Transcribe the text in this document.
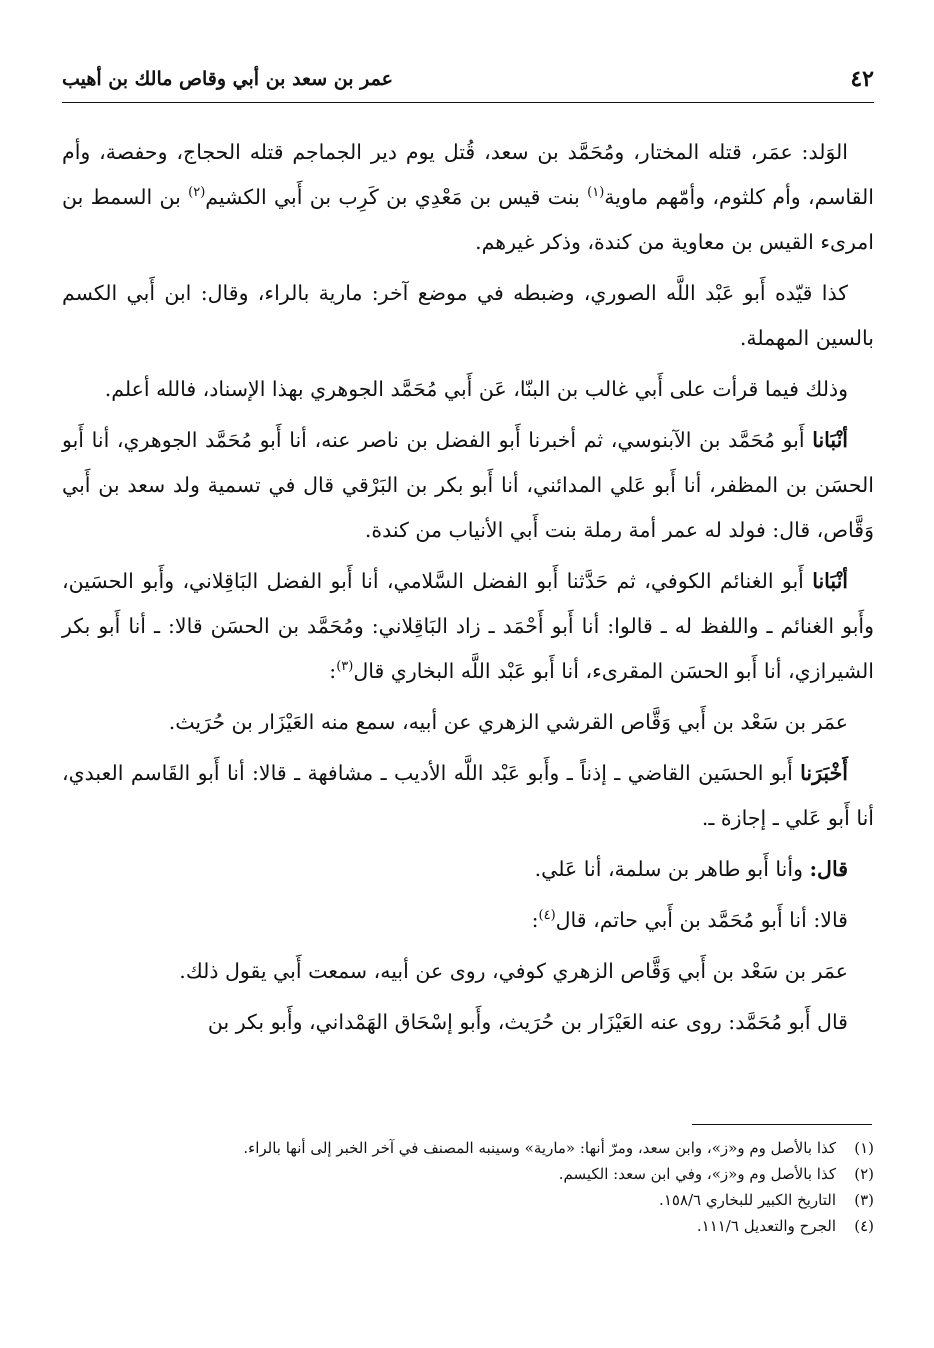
٤٢
عمر بن سعد بن أبي وقاص مالك بن أهيب

الوَلد: عمَر، قتله المختار، ومُحَمَّد بن سعد، قُتل يوم دير الجماجم قتله الحجاج، وحفصة، وأم القاسم، وأم كلثوم، وأمّهم ماوية$^{(١)}$ بنت قيس بن مَعْدِي بن كَرِب بن أَبي الكشيم$^{(٢)}$ بن السمط بن امرىء القيس بن معاوية من كندة، وذكر غيرهم.

كذا قيّده أَبو عَبْد اللَّه الصوري، وضبطه في موضع آخر: مارية بالراء، وقال: ابن أَبي الكسم بالسين المهملة.

وذلك فيما قرأت على أَبي غالب بن البنّا، عَن أَبي مُحَمَّد الجوهري بهذا الإسناد، فالله أعلم.

أنْبَانا أَبو مُحَمَّد بن الآبنوسي، ثم أخبرنا أَبو الفضل بن ناصر عنه، أنا أَبو مُحَمَّد الجوهري، أنا أَبو الحسَن بن المظفر، أنا أَبو عَلي المدائني، أنا أَبو بكر بن البَرْقي قال في تسمية ولد سعد بن أَبي وَقَّاص، قال: فولد له عمر أمة رملة بنت أَبي الأنياب من كندة.

أنْبَانا أَبو الغنائم الكوفي، ثم حَدَّثنا أَبو الفضل السَّلامي، أنا أَبو الفضل البَاقِلاني، وأَبو الحسَين، وأَبو الغنائم ـ واللفظ له ـ قالوا: أنا أَبو أَحْمَد ـ زاد البَاقِلاني: ومُحَمَّد بن الحسَن قالا: ـ أنا أَبو بكر الشيرازي، أنا أَبو الحسَن المقرىء، أنا أَبو عَبْد اللَّه البخاري قال$^{(٣)}$:

عمَر بن سَعْد بن أَبي وَقَّاص القرشي الزهري عن أبيه، سمع منه العَيْزَار بن حُرَيث.

أَخْبَرَنا أَبو الحسَين القاضي ـ إذناً ـ وأَبو عَبْد اللَّه الأديب ـ مشافهة ـ قالا: أنا أَبو القَاسم العبدي، أنا أَبو عَلي ـ إجازة ـ.

قال: وأنا أَبو طاهر بن سلمة، أنا عَلي.

قالا: أنا أَبو مُحَمَّد بن أَبي حاتم، قال$^{(٤)}$:

عمَر بن سَعْد بن أَبي وَقَّاص الزهري كوفي، روى عن أبيه، سمعت أَبي يقول ذلك.

قال أَبو مُحَمَّد: روى عنه العَيْزَار بن حُرَيث، وأَبو إسْحَاق الهَمْداني، وأَبو بكر بن

(١)
كذا بالأصل وم و«ز»، وابن سعد، ومرّ أنها: «مارية» وسينبه المصنف في آخر الخبر إلى أنها بالراء.
(٢)
كذا بالأصل وم و«ز»، وفي ابن سعد: الكيسم.
(٣)
التاريخ الكبير للبخاري ١٥٨/٦.
(٤)
الجرح والتعديل ١١١/٦.
